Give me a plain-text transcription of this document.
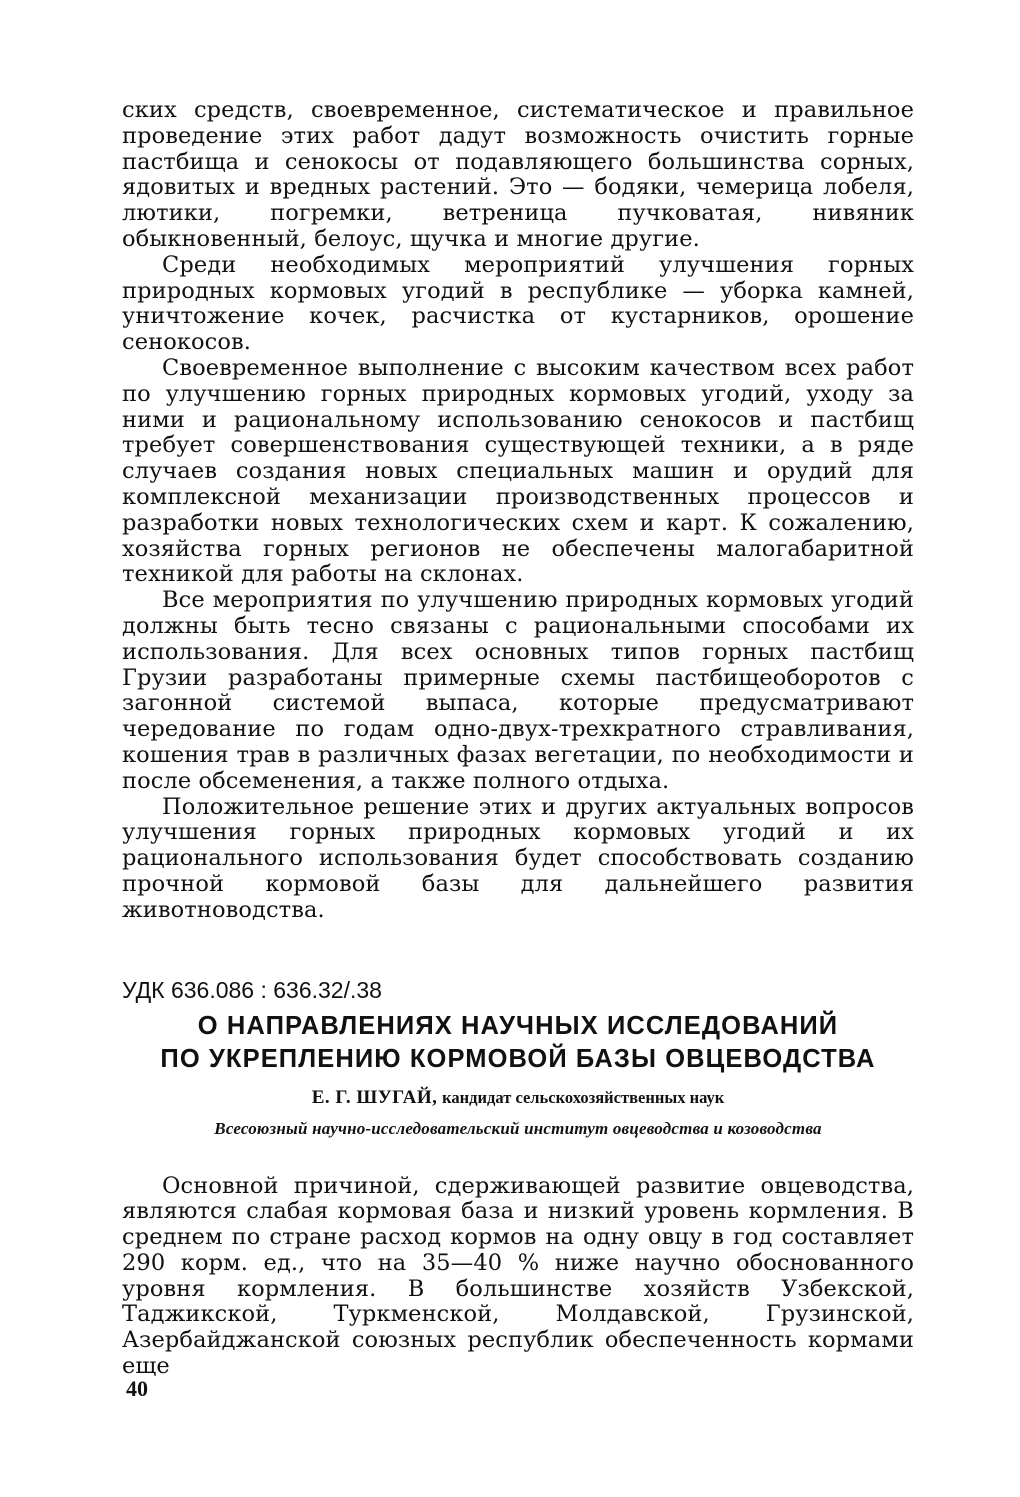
ских средств, своевременное, систематическое и правильное проведение этих работ дадут возможность очистить горные пастбища и сенокосы от подавляющего большинства сорных, ядовитых и вредных растений. Это — бодяки, чемерица лобеля, лютики, погремки, ветреница пучковатая, нивяник обыкновенный, белоус, щучка и многие другие.

Среди необходимых мероприятий улучшения горных природных кормовых угодий в республике — уборка камней, уничтожение кочек, расчистка от кустарников, орошение сенокосов.

Своевременное выполнение с высоким качеством всех работ по улучшению горных природных кормовых угодий, уходу за ними и рациональному использованию сенокосов и пастбищ требует совершенствования существующей техники, а в ряде случаев создания новых специальных машин и орудий для комплексной механизации производственных процессов и разработки новых технологических схем и карт. К сожалению, хозяйства горных регионов не обеспечены малогабаритной техникой для работы на склонах.

Все мероприятия по улучшению природных кормовых угодий должны быть тесно связаны с рациональными способами их использования. Для всех основных типов горных пастбищ Грузии разработаны примерные схемы пастбищеоборотов с загонной системой выпаса, которые предусматривают чередование по годам одно-двух-трехкратного стравливания, кошения трав в различных фазах вегетации, по необходимости и после обсеменения, а также полного отдыха.

Положительное решение этих и других актуальных вопросов улучшения горных природных кормовых угодий и их рационального использования будет способствовать созданию прочной кормовой базы для дальнейшего развития животноводства.

УДК 636.086 : 636.32/.38
О НАПРАВЛЕНИЯХ НАУЧНЫХ ИССЛЕДОВАНИЙ
ПО УКРЕПЛЕНИЮ КОРМОВОЙ БАЗЫ ОВЦЕВОДСТВА
Е. Г. ШУГАЙ, кандидат сельскохозяйственных наук
Всесоюзный научно-исследовательский институт овцеводства и козоводства

Основной причиной, сдерживающей развитие овцеводства, являются слабая кормовая база и низкий уровень кормления. В среднем по стране расход кормов на одну овцу в год составляет 290 корм. ед., что на 35—40 % ниже научно обоснованного уровня кормления. В большинстве хозяйств Узбекской, Таджикской, Туркменской, Молдавской, Грузинской, Азербайджанской союзных республик обеспеченность кормами еще

40
